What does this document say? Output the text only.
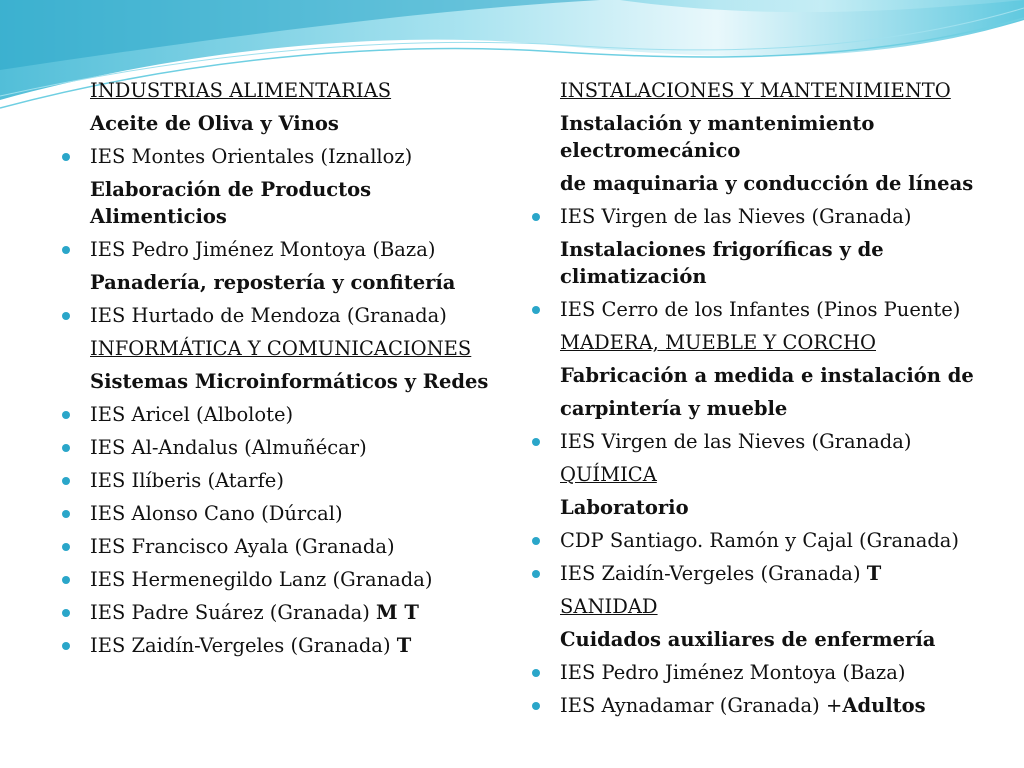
INDUSTRIAS ALIMENTARIAS
Aceite de Oliva y Vinos
IES Montes Orientales (Iznalloz)
Elaboración de Productos Alimenticios
IES Pedro Jiménez Montoya (Baza)
Panadería, repostería y confitería
IES Hurtado de Mendoza (Granada)
INFORMÁTICA Y COMUNICACIONES
Sistemas Microinformáticos y Redes
IES Aricel (Albolote)
IES Al-Andalus (Almuñécar)
IES Ilíberis (Atarfe)
IES Alonso Cano (Dúrcal)
IES Francisco Ayala (Granada)
IES Hermenegildo Lanz (Granada)
IES Padre Suárez (Granada) M T
IES Zaidín-Vergeles (Granada) T
INSTALACIONES Y MANTENIMIENTO
Instalación y mantenimiento electromecánico
de maquinaria y conducción de líneas
IES Virgen de las Nieves (Granada)
Instalaciones frigoríficas y de climatización
IES Cerro de los Infantes (Pinos Puente)
MADERA, MUEBLE Y CORCHO
Fabricación a medida e instalación de
carpintería y mueble
IES Virgen de las Nieves (Granada)
QUÍMICA
Laboratorio
CDP Santiago. Ramón y Cajal (Granada)
IES Zaidín-Vergeles (Granada) T
SANIDAD
Cuidados auxiliares de enfermería
IES Pedro Jiménez Montoya (Baza)
IES Aynadamar (Granada) +Adultos
